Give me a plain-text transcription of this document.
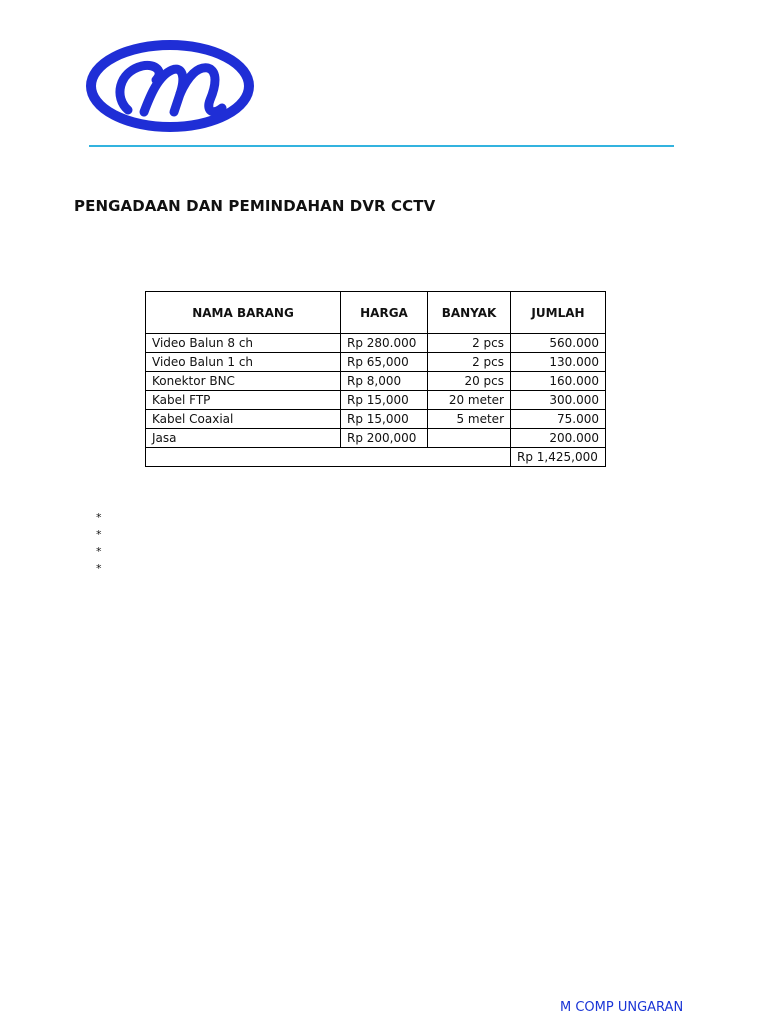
PENGADAAN DAN PEMINDAHAN DVR CCTV
NAMA BARANG	HARGA	BANYAK	JUMLAH
Video Balun 8 ch	Rp 280.000	2 pcs	560.000
Video Balun 1 ch	Rp 65,000	2 pcs	130.000
Konektor BNC	Rp 8,000	20 pcs	160.000
Kabel FTP	Rp 15,000	20 meter	300.000
Kabel Coaxial	Rp 15,000	5 meter	75.000
Jasa	Rp 200,000		200.000
			Rp 1,425,000
*
*
*
*
M COMP UNGARAN
